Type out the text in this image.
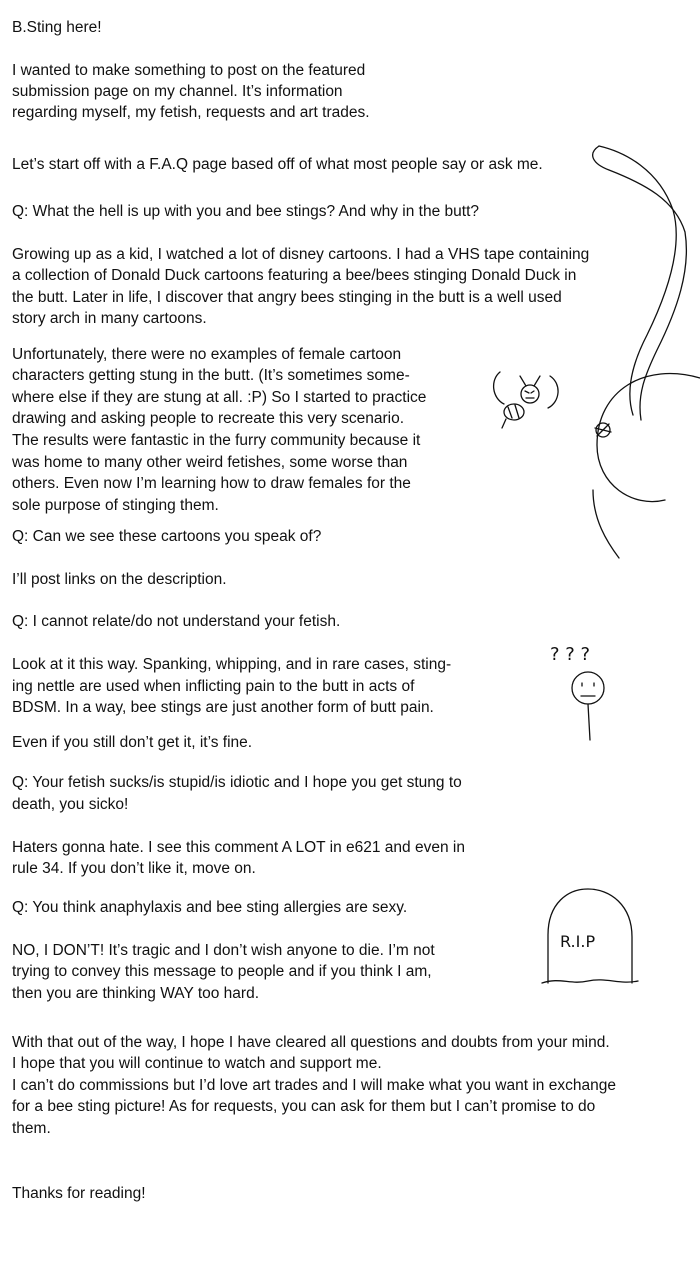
B.Sting here!
I wanted to make something to post on the featured
submission page on my channel. It’s information
regarding myself, my fetish, requests and art trades.
Let’s start off with a F.A.Q page based off of what most people say or ask me.
Q: What the hell is up with you and bee stings? And why in the butt?
Growing up as a kid, I watched a lot of disney cartoons. I had a VHS tape containing
a collection of Donald Duck cartoons featuring a bee/bees stinging Donald Duck in
the butt. Later in life, I discover that angry bees stinging in the butt is a well used
story arch in many cartoons.
Unfortunately, there were no examples of female cartoon
characters getting stung in the butt. (It’s sometimes some-
where else if they are stung at all. :P) So I started to practice
drawing and asking people to recreate this very scenario.
The results were fantastic in the furry community because it
was home to many other weird fetishes, some worse than
others. Even now I’m learning how to draw females for the
sole purpose of stinging them.
Q: Can we see these cartoons you speak of?
I’ll post links on the description.
Q: I cannot relate/do not understand your fetish.
Look at it this way. Spanking, whipping, and in rare cases, sting-
ing nettle are used when inflicting pain to the butt in acts of
BDSM. In a way, bee stings are just another form of butt pain.
Even if you still don’t get it, it’s fine.
Q: Your fetish sucks/is stupid/is idiotic and I hope you get stung to
death, you sicko!
Haters gonna hate. I see this comment A LOT in e621 and even in
rule 34. If you don’t like it, move on.
Q: You think anaphylaxis and bee sting allergies are sexy.
NO, I DON’T! It’s tragic and I don’t wish anyone to die. I’m not
trying to convey this message to people and if you think I am,
then you are thinking WAY too hard.
With that out of the way, I hope I have cleared all questions and doubts from your mind.
I hope that you will continue to watch and support me.
I can’t do commissions but I’d love art trades and I will make what you want in exchange
for a bee sting picture! As for requests, you can ask for them but I can’t promise to do
them.
Thanks for reading!
? ? ?
R.I.P
